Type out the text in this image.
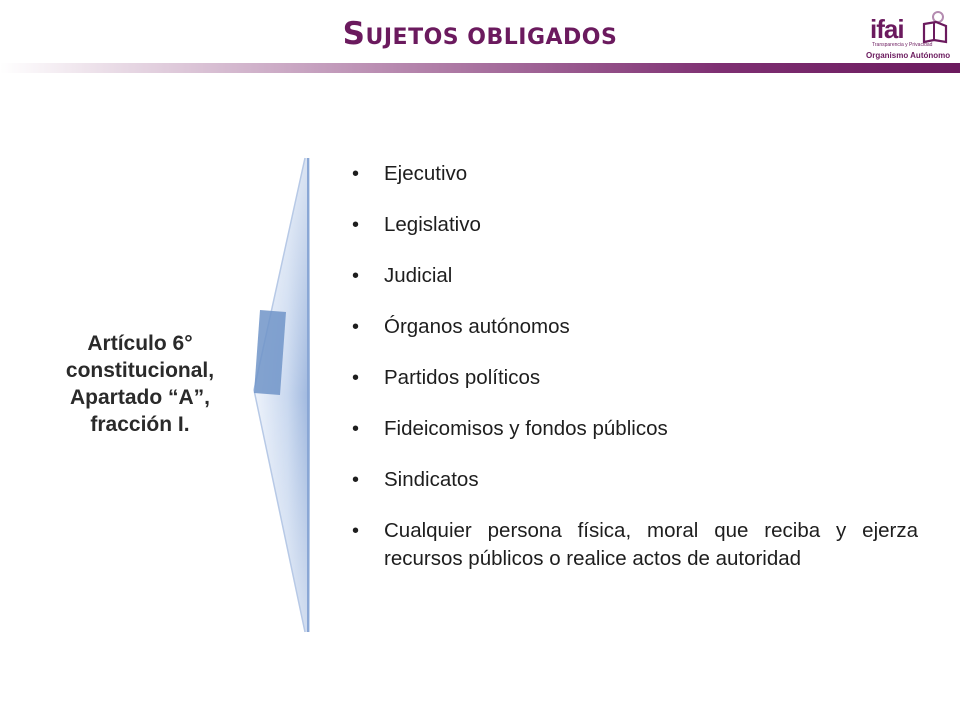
SUJETOS OBLIGADOS	ifai
Transparencia y Privacidad
Organismo Autónomo
Artículo 6°
constitucional,
Apartado “A”,
fracción I.
• Ejecutivo
• Legislativo
• Judicial
• Órganos autónomos
• Partidos políticos
• Fideicomisos y fondos públicos
• Sindicatos
• Cualquier persona física, moral que reciba y ejerza recursos públicos o realice actos de autoridad
